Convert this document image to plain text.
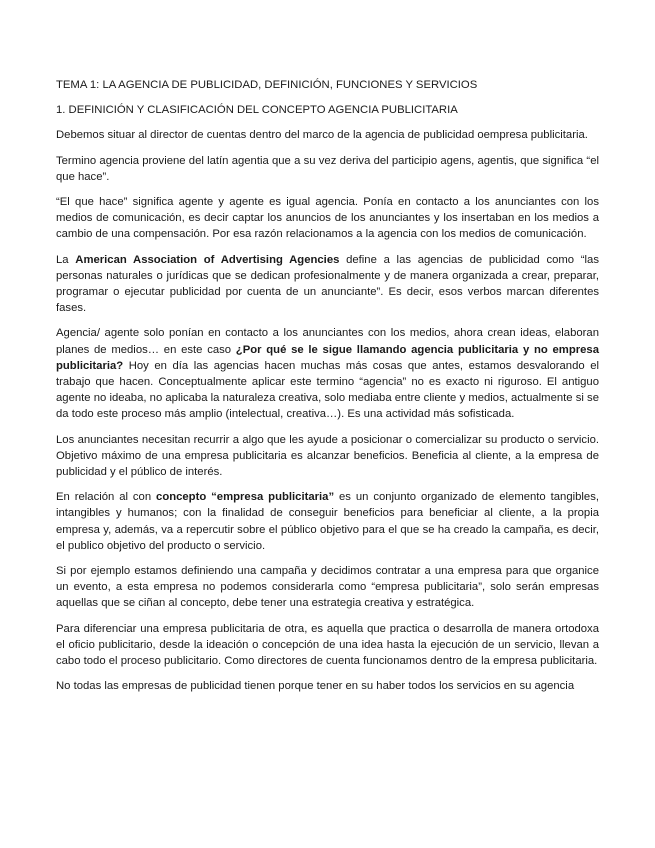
TEMA 1: LA AGENCIA DE PUBLICIDAD, DEFINICIÓN, FUNCIONES Y SERVICIOS
1. DEFINICIÓN Y CLASIFICACIÓN DEL CONCEPTO AGENCIA PUBLICITARIA

Debemos situar al director de cuentas dentro del marco de la agencia de publicidad oempresa publicitaria.

Termino agencia proviene del latín agentia que a su vez deriva del participio agens, agentis, que significa “el que hace”.

“El que hace” significa agente y agente es igual agencia. Ponía en contacto a los anunciantes con los medios de comunicación, es decir captar los anuncios de los anunciantes y los insertaban en los medios a cambio de una compensación. Por esa razón relacionamos a la agencia con los medios de comunicación.

La American Association of Advertising Agencies define a las agencias de publicidad como “las personas naturales o jurídicas que se dedican profesionalmente y de manera organizada a crear, preparar, programar o ejecutar publicidad por cuenta de un anunciante”. Es decir, esos verbos marcan diferentes fases.

Agencia/ agente solo ponían en contacto a los anunciantes con los medios, ahora crean ideas, elaboran planes de medios… en este caso ¿Por qué se le sigue llamando agencia publicitaria y no empresa publicitaria? Hoy en día las agencias hacen muchas más cosas que antes, estamos desvalorando el trabajo que hacen. Conceptualmente aplicar este termino “agencia” no es exacto ni riguroso. El antiguo agente no ideaba, no aplicaba la naturaleza creativa, solo mediaba entre cliente y medios, actualmente si se da todo este proceso más amplio (intelectual, creativa…). Es una actividad más sofisticada.

Los anunciantes necesitan recurrir a algo que les ayude a posicionar o comercializar su producto o servicio. Objetivo máximo de una empresa publicitaria es alcanzar beneficios. Beneficia al cliente, a la empresa de publicidad y el público de interés.

En relación al con concepto “empresa publicitaria” es un conjunto organizado de elemento tangibles, intangibles y humanos; con la finalidad de conseguir beneficios para beneficiar al cliente, a la propia empresa y, además, va a repercutir sobre el público objetivo para el que se ha creado la campaña, es decir, el publico objetivo del producto o servicio.

Si por ejemplo estamos definiendo una campaña y decidimos contratar a una empresa para que organice un evento, a esta empresa no podemos considerarla como “empresa publicitaria”, solo serán empresas aquellas que se ciñan al concepto, debe tener una estrategia creativa y estratégica.

Para diferenciar una empresa publicitaria de otra, es aquella que practica o desarrolla de manera ortodoxa el oficio publicitario, desde la ideación o concepción de una idea hasta la ejecución de un servicio, llevan a cabo todo el proceso publicitario. Como directores de cuenta funcionamos dentro de la empresa publicitaria.

No todas las empresas de publicidad tienen porque tener en su haber todos los servicios en su agencia
